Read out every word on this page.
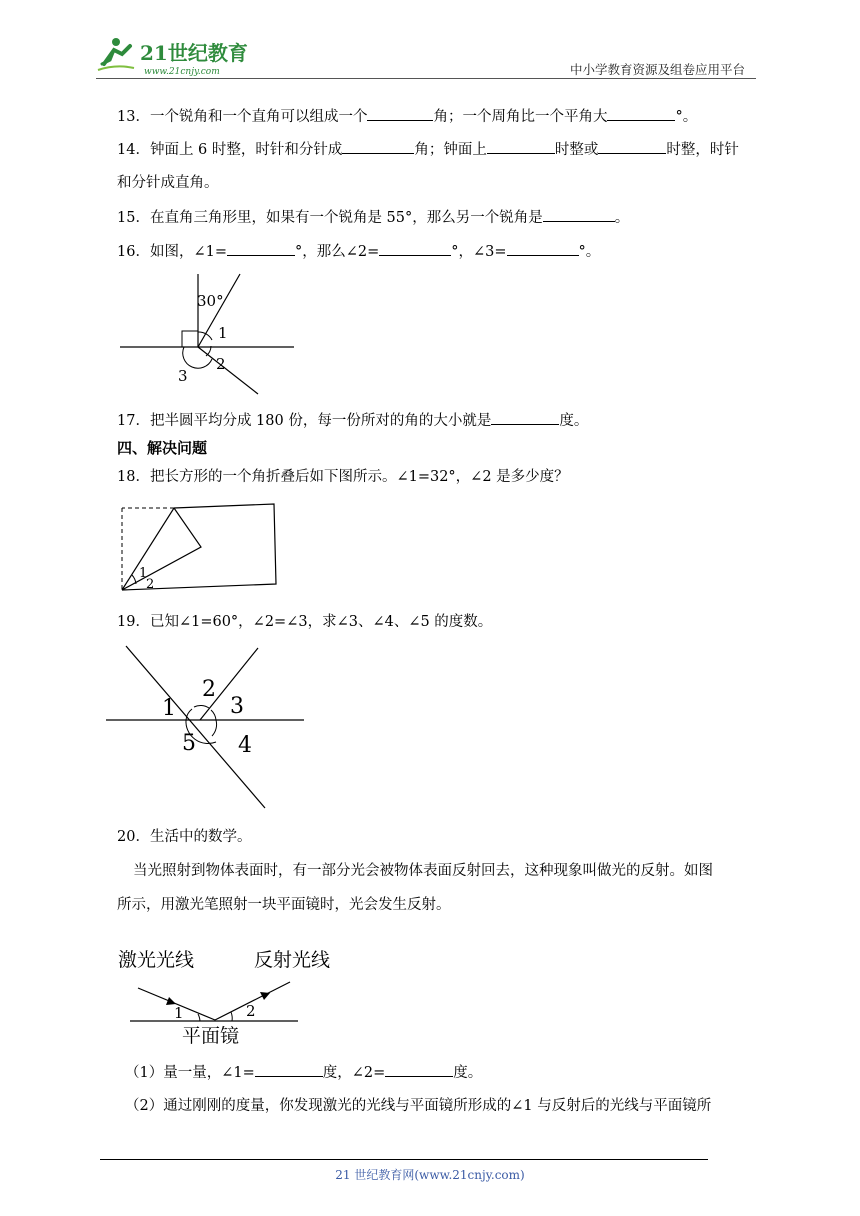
21世纪教育
www.21cnjy.com	中小学教育资源及组卷应用平台
13．一个锐角和一个直角可以组成一个	角；一个周角比一个平角大	°。
14．钟面上 6 时整，时针和分针成	角；钟面上	时整或	时整，时针
和分针成直角。
15．在直角三角形里，如果有一个锐角是 55°，那么另一个锐角是	。
16．如图，∠1=	°，那么∠2=	°，∠3=	°。
30°
1
2
3
17．把半圆平均分成 180 份，每一份所对的角的大小就是	度。
四、解决问题
18．把长方形的一个角折叠后如下图所示。∠1=32°，∠2 是多少度？
1
2
19．已知∠1=60°，∠2=∠3，求∠3、∠4、∠5 的度数。
1
2
3
4
5
20．生活中的数学。
当光照射到物体表面时，有一部分光会被物体表面反射回去，这种现象叫做光的反射。如图
所示，用激光笔照射一块平面镜时，光会发生反射。
激光光线	反射光线
1	2
平面镜
（1）量一量，∠1=	度，∠2=	度。
（2）通过刚刚的度量，你发现激光的光线与平面镜所形成的∠1 与反射后的光线与平面镜所
21 世纪教育网(www.21cnjy.com)
